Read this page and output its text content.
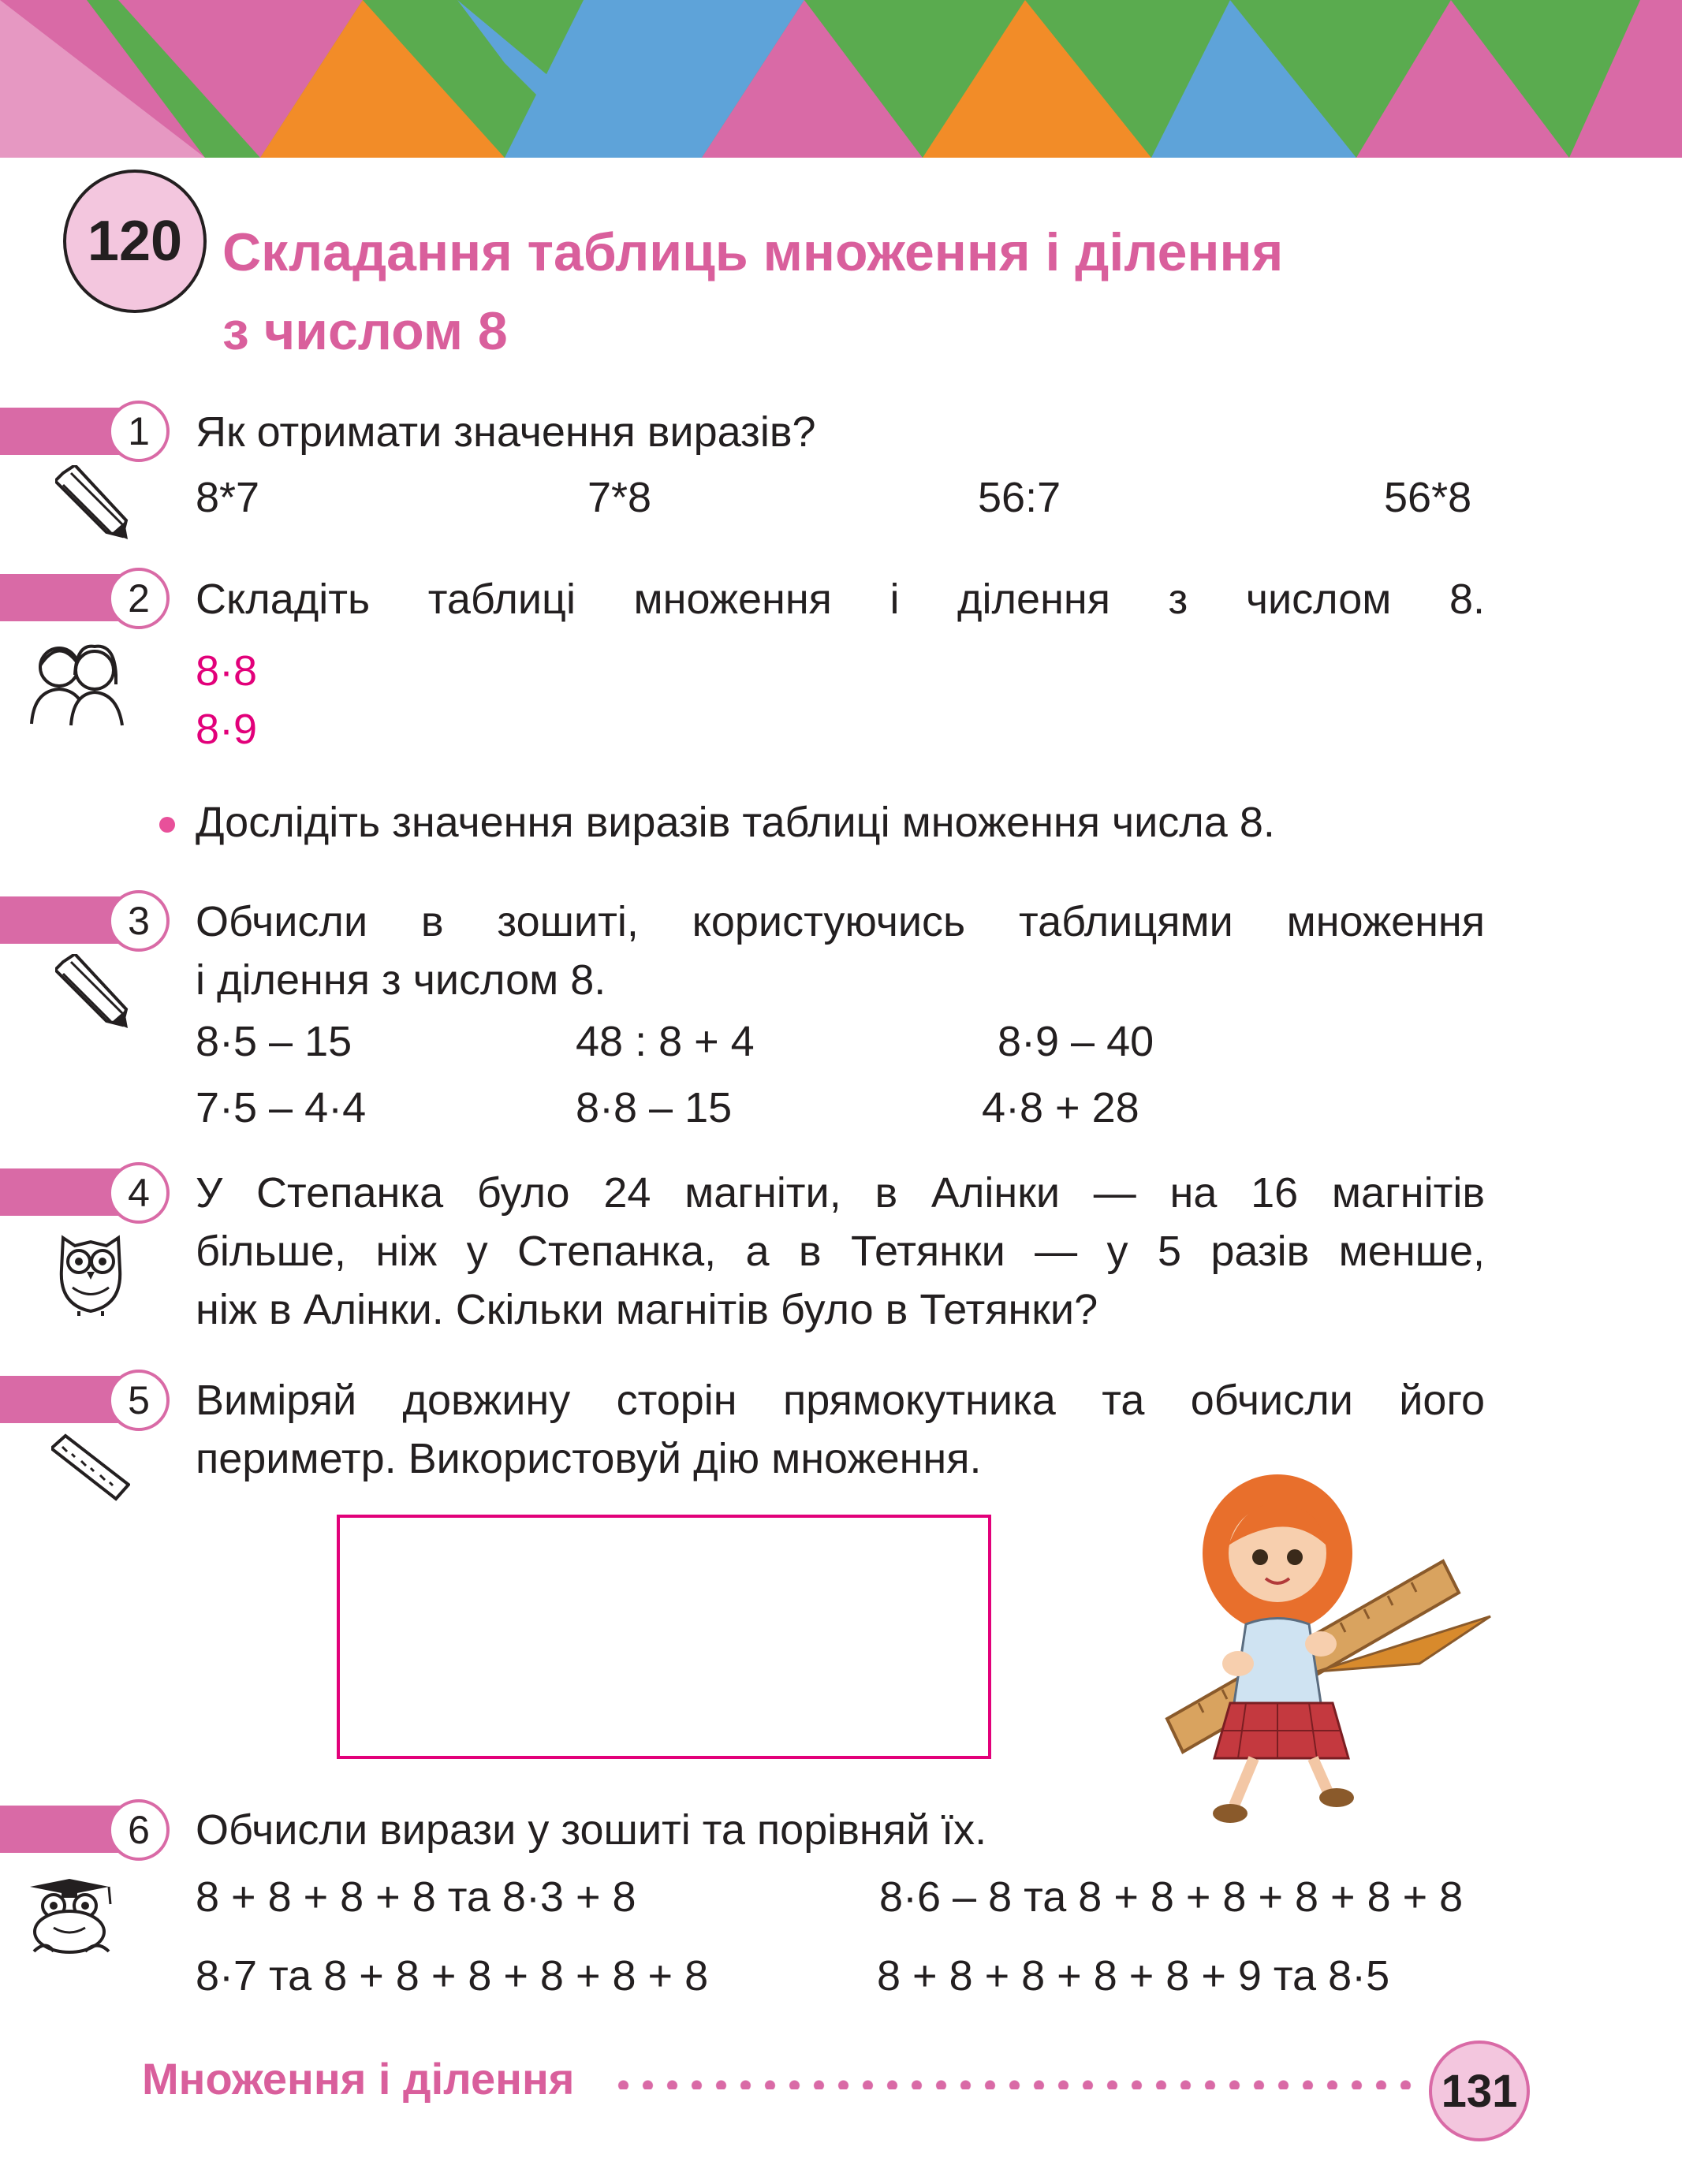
120 Складання таблиць множення і ділення
з числом 8
1	Як отримати значення виразів?

8*7	7*8	56:7	56*8
2	Складіть таблиці множення і ділення з числом 8.

8·8
8·9

Дослідіть значення виразів таблиці множення числа 8.

3	Обчисли в зошиті, користуючись таблицями множення

і ділення з числом 8.

8·5 – 15	48 : 8 + 4	8·9 – 40
7·5 – 4·4	8·8 – 15	4·8 + 28
4	У Степанка було 24 магніти, в Алінки — на 16 магнітів

більше, ніж у Степанка, а в Тетянки — у 5 разів менше,

ніж в Алінки. Скільки магнітів було в Тетянки?

5	Виміряй довжину сторін прямокутника та обчисли його

периметр. Використовуй дію множення.

6	Обчисли вирази у зошиті та порівняй їх.

8 + 8 + 8 + 8 та 8·3 + 8	8·6 – 8 та 8 + 8 + 8 + 8 + 8 + 8
8·7 та 8 + 8 + 8 + 8 + 8 + 8	8 + 8 + 8 + 8 + 8 + 9 та 8·5
Множення і ділення	131
